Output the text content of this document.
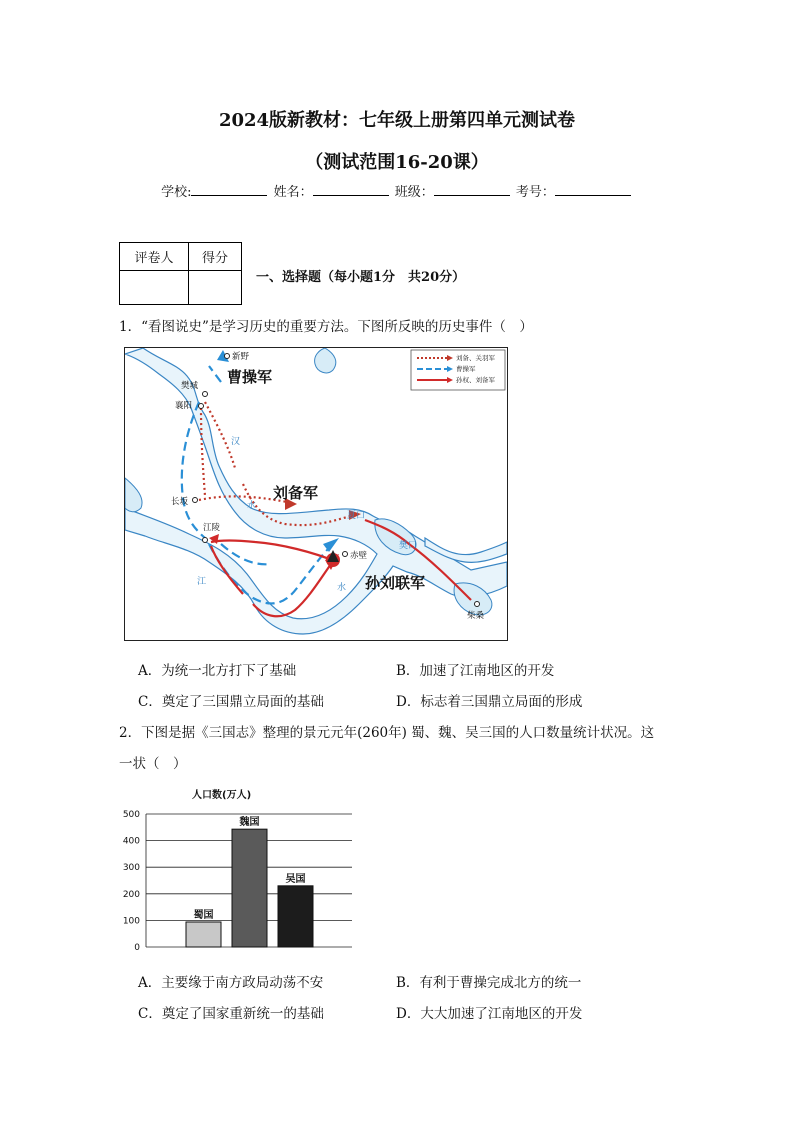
2024版新教材：七年级上册第四单元测试卷
（测试范围16-20课）
学校:	姓名：	班级：	考号：
评卷人	得分

一、选择题（每小题1分　共20分）
1．“看图说史”是学习历史的重要方法。下图所反映的历史事件（　）
新野
樊城
襄阳
长坂
江陵
赤壁
柴桑
汉
水
江
水
夏口
樊口
曹操军
刘备军
孙刘联军
刘备、关羽军
曹操军
孙权、刘备军
A．为统一北方打下了基础	B．加速了江南地区的开发
C．奠定了三国鼎立局面的基础	D．标志着三国鼎立局面的形成
2．下图是据《三国志》整理的景元元年(260年) 蜀、魏、吴三国的人口数量统计状况。这
一状（　）
人口数(万人)
0
100
200
300
400
500
蜀国
魏国
吴国
A．主要缘于南方政局动荡不安	B．有利于曹操完成北方的统一
C．奠定了国家重新统一的基础	D．大大加速了江南地区的开发
